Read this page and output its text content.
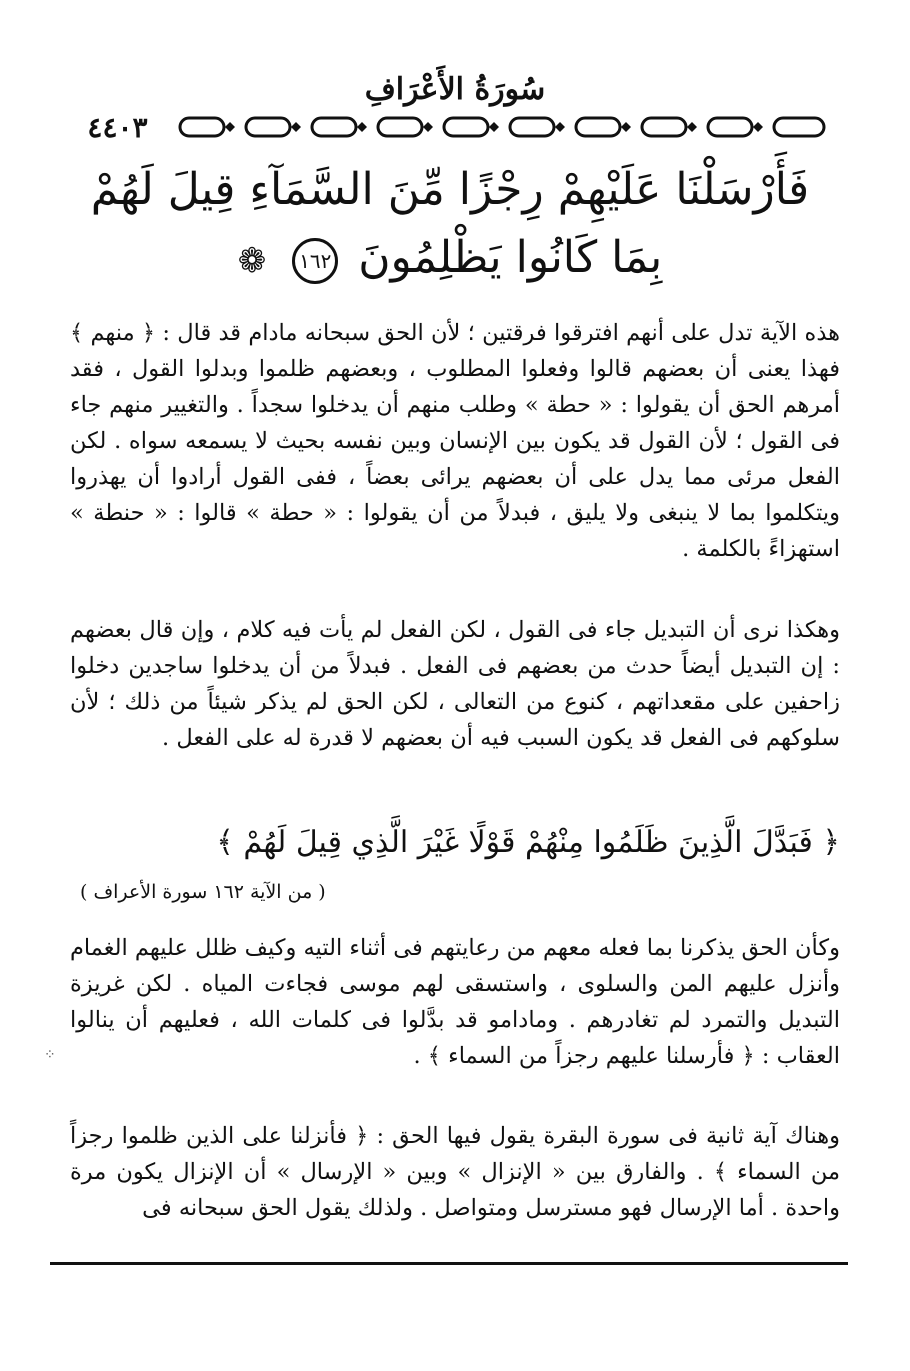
سُورَةُ الأَعْرَافِ
٤٤٠٣
فَأَرْسَلْنَا عَلَيْهِمْ رِجْزًا مِّنَ السَّمَآءِ قِيلَ لَهُمْ
بِمَا كَانُوا يَظْلِمُونَ ١٦٢ ❁

هذه الآية تدل على أنهم افترقوا فرقتين ؛ لأن الحق سبحانه مادام قد قال : ﴿ منهم ﴾ فهذا يعنى أن بعضهم قالوا وفعلوا المطلوب ، وبعضهم ظلموا وبدلوا القول ، فقد أمرهم الحق أن يقولوا : « حطة » وطلب منهم أن يدخلوا سجداً . والتغيير منهم جاء فى القول ؛ لأن القول قد يكون بين الإنسان وبين نفسه بحيث لا يسمعه سواه . لكن الفعل مرئى مما يدل على أن بعضهم يرائى بعضاً ، ففى القول أرادوا أن يهذروا ويتكلموا بما لا ينبغى ولا يليق ، فبدلاً من أن يقولوا : « حطة » قالوا : « حنطة » استهزاءً بالكلمة .

وهكذا نرى أن التبديل جاء فى القول ، لكن الفعل لم يأت فيه كلام ، وإن قال بعضهم : إن التبديل أيضاً حدث من بعضهم فى الفعل . فبدلاً من أن يدخلوا ساجدين دخلوا زاحفين على مقعداتهم ، كنوع من التعالى ، لكن الحق لم يذكر شيئاً من ذلك ؛ لأن سلوكهم فى الفعل قد يكون السبب فيه أن بعضهم لا قدرة له على الفعل .

﴿ فَبَدَّلَ الَّذِينَ ظَلَمُوا مِنْهُمْ قَوْلًا غَيْرَ الَّذِي قِيلَ لَهُمْ ﴾
( من الآية ١٦٢ سورة الأعراف )

وكأن الحق يذكرنا بما فعله معهم من رعايتهم فى أثناء التيه وكيف ظلل عليهم الغمام وأنزل عليهم المن والسلوى ، واستسقى لهم موسى فجاءت المياه . لكن غريزة التبديل والتمرد لم تغادرهم . ومادامو قد بدَّلوا فى كلمات الله ، فعليهم أن ينالوا العقاب : ﴿ فأرسلنا عليهم رجزاً من السماء ﴾ .

وهناك آية ثانية فى سورة البقرة يقول فيها الحق : ﴿ فأنزلنا على الذين ظلموا رجزاً من السماء ﴾ . والفارق بين « الإنزال » وبين « الإرسال » أن الإنزال يكون مرة واحدة . أما الإرسال فهو مسترسل ومتواصل . ولذلك يقول الحق سبحانه فى

⁘
